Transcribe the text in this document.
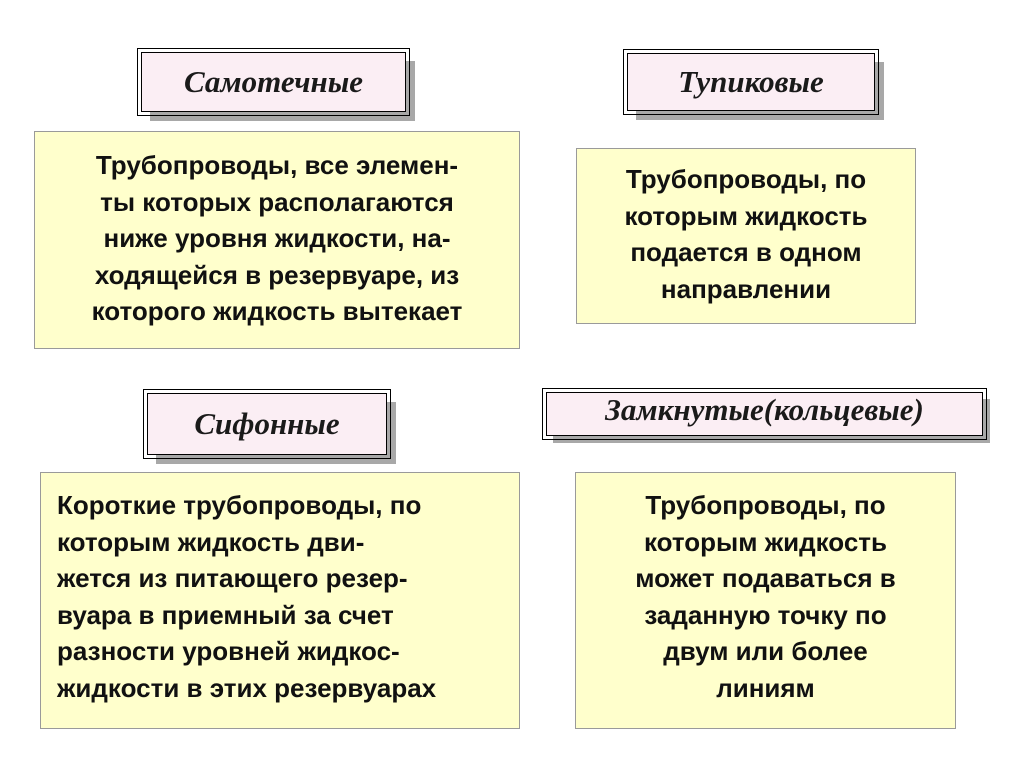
Самотечные
Трубопроводы, все элемен-
ты которых располагаются
ниже уровня жидкости, на-
ходящейся в резервуаре, из
которого жидкость вытекает
Тупиковые
Трубопроводы, по
которым жидкость
подается в одном
направлении
Сифонные
Короткие трубопроводы, по
которым жидкость дви-
жется из питающего резер-
вуара в приемный за счет
разности уровней жидкос-
жидкости в этих резервуарах
Замкнутые(кольцевые)
Трубопроводы, по
которым жидкость
может подаваться в
заданную точку по
двум или более
линиям
